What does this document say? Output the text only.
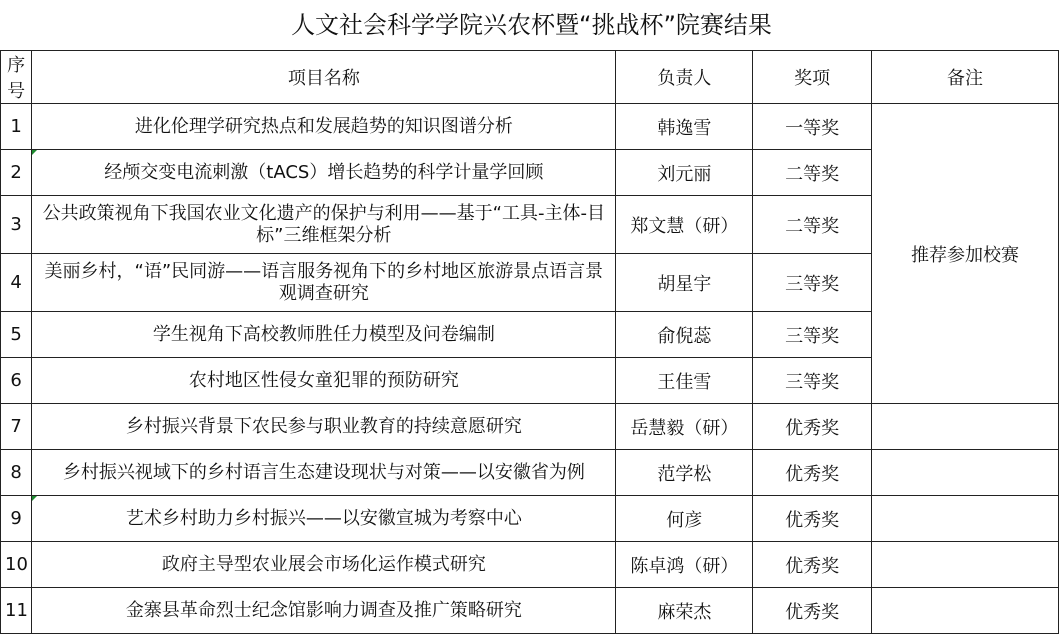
人文社会科学学院兴农杯暨“挑战杯”院赛结果
序号	项目名称	负责人	奖项	备注
1	进化伦理学研究热点和发展趋势的知识图谱分析	韩逸雪	一等奖	推荐参加校赛
2	经颅交变电流刺激（tACS）增长趋势的科学计量学回顾	刘元丽	二等奖	
3	公共政策视角下我国农业文化遗产的保护与利用——基于“工具-主体-目标”三维框架分析	郑文慧（研）	二等奖	
4	美丽乡村，“语”民同游——语言服务视角下的乡村地区旅游景点语言景观调查研究	胡星宇	三等奖	
5	学生视角下高校教师胜任力模型及问卷编制	俞倪蕊	三等奖	
6	农村地区性侵女童犯罪的预防研究	王佳雪	三等奖	
7	乡村振兴背景下农民参与职业教育的持续意愿研究	岳慧毅（研）	优秀奖	
8	乡村振兴视域下的乡村语言生态建设现状与对策——以安徽省为例	范学松	优秀奖	
9	艺术乡村助力乡村振兴——以安徽宣城为考察中心	何彦	优秀奖	
10	政府主导型农业展会市场化运作模式研究	陈卓鸿（研）	优秀奖	
11	金寨县革命烈士纪念馆影响力调查及推广策略研究	麻荣杰	优秀奖	
